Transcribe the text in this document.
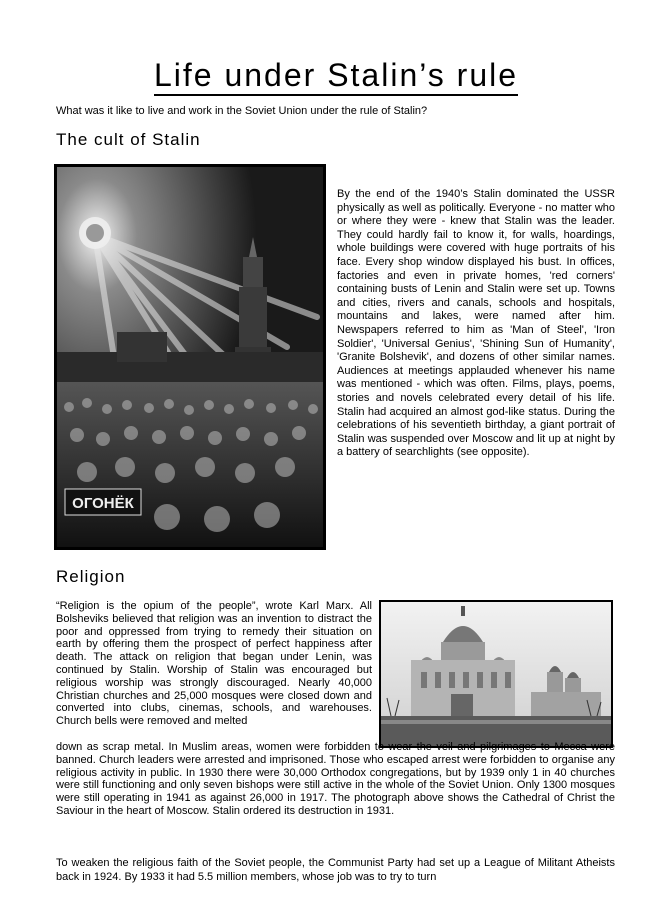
Life under Stalin’s rule
What was it like to live and work in the Soviet Union under the rule of Stalin?
The cult of Stalin
ОГОНЁК
By the end of the 1940’s Stalin dominated the USSR physically as well as politically. Everyone - no matter who or where they were - knew that Stalin was the leader. They could hardly fail to know it, for walls, hoardings, whole buildings were covered with huge portraits of his face. Every shop window displayed his bust. In offices, factories and even in private homes, 'red corners' containing busts of Lenin and Stalin were set up. Towns and cities, rivers and canals, schools and hospitals, mountains and lakes, were named after him. Newspapers referred to him as 'Man of Steel', 'Iron Soldier', 'Universal Genius', 'Shining Sun of Humanity', 'Granite Bolshevik', and dozens of other similar names. Audiences at meetings applauded whenever his name was mentioned - which was often. Films, plays, poems, stories and novels celebrated every detail of his life. Stalin had acquired an almost god-like status. During the celebrations of his seventieth birthday, a giant portrait of Stalin was suspended over Moscow and lit up at night by a battery of searchlights (see opposite).
Religion
“Religion is the opium of the people”, wrote Karl Marx. All Bolsheviks believed that religion was an invention to distract the poor and oppressed from trying to remedy their situation on earth by offering them the prospect of perfect happiness after death. The attack on religion that began under Lenin, was continued by Stalin. Worship of Stalin was encouraged but religious worship was strongly discouraged. Nearly 40,000 Christian churches and 25,000 mosques were closed down and converted into clubs, cinemas, schools, and warehouses. Church bells were removed and melted
down as scrap metal. In Muslim areas, women were forbidden to wear the veil and pilgrimages to Mecca were banned. Church leaders were arrested and imprisoned. Those who escaped arrest were forbidden to organise any religious activity in public. In 1930 there were 30,000 Orthodox congregations, but by 1939 only 1 in 40 churches were still functioning and only seven bishops were still active in the whole of the Soviet Union. Only 1300 mosques were still operating in 1941 as against 26,000 in 1917. The photograph above shows the Cathedral of Christ the Saviour in the heart of Moscow. Stalin ordered its destruction in 1931.
To weaken the religious faith of the Soviet people, the Communist Party had set up a League of Militant Atheists back in 1924. By 1933 it had 5.5 million members, whose job was to try to turn
